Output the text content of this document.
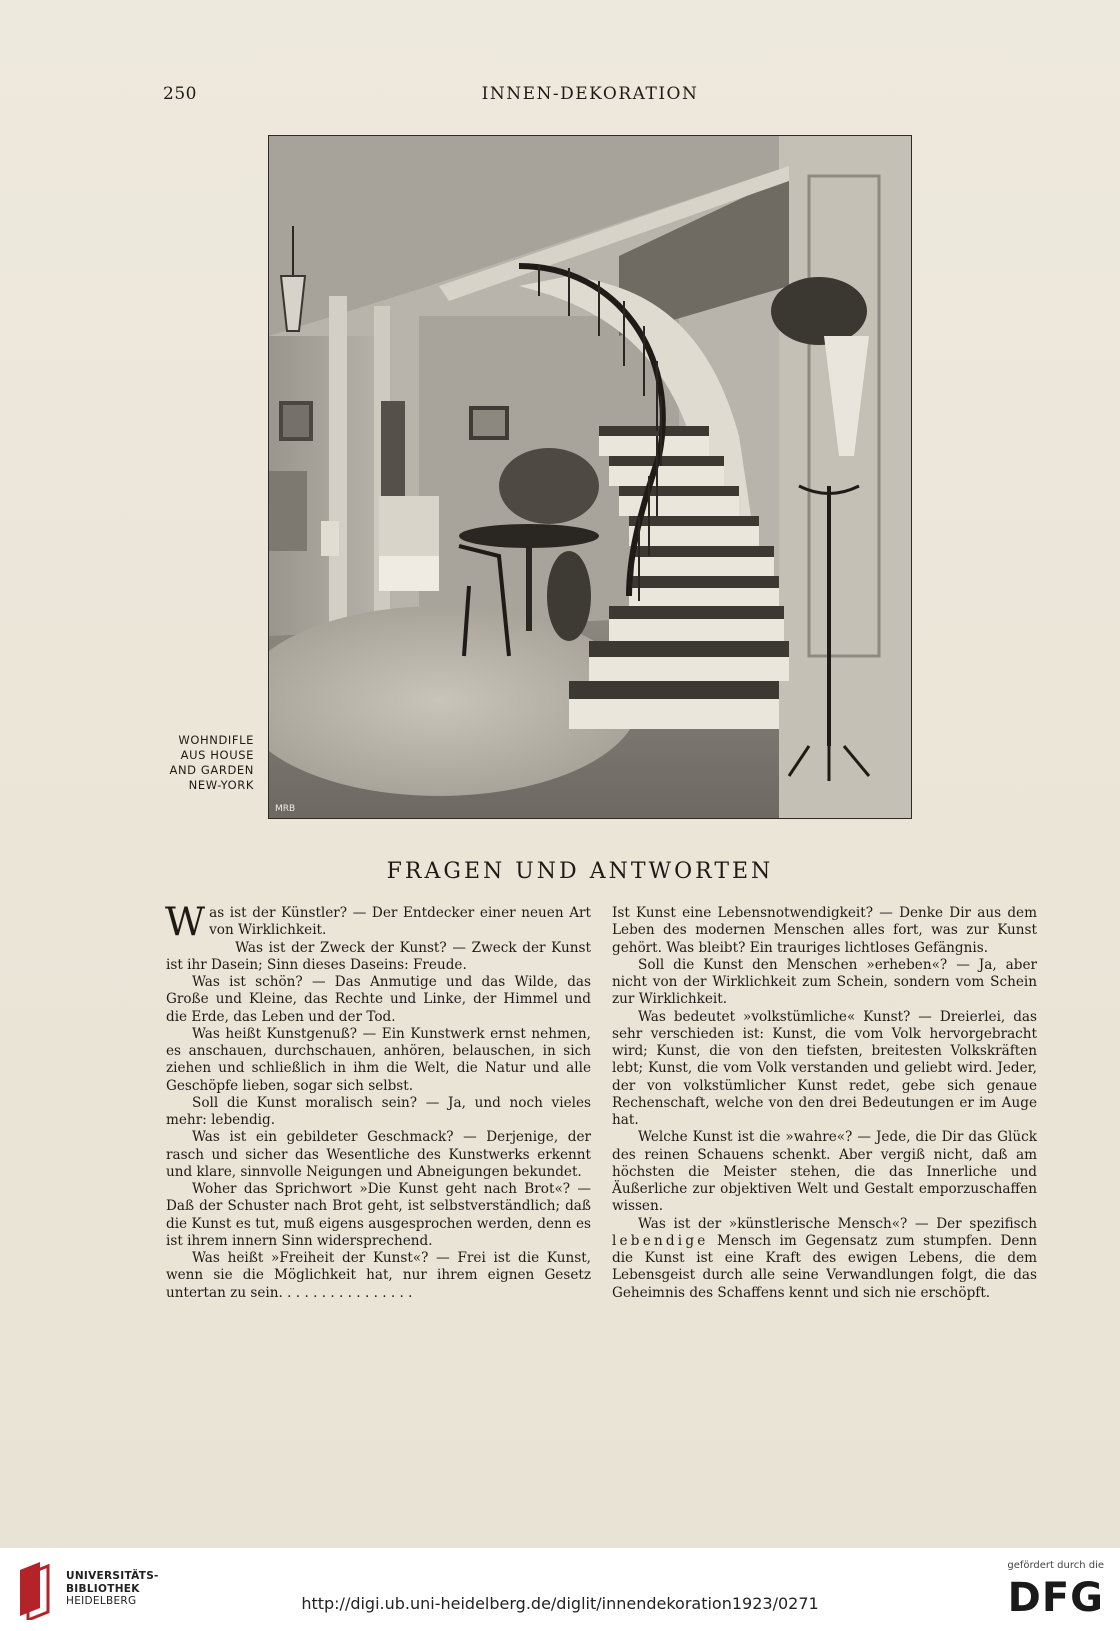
250	INNEN-DEKORATION
MRB
WOHNDIFLE
AUS HOUSE
AND GARDEN
NEW-YORK
FRAGEN UND ANTWORTEN

Was ist der Künstler? — Der Entdecker einer neuen Art von Wirklichkeit.

Was ist der Zweck der Kunst? — Zweck der Kunst ist ihr Dasein; Sinn dieses Daseins: Freude.

Was ist schön? — Das Anmutige und das Wilde, das Große und Kleine, das Rechte und Linke, der Himmel und die Erde, das Leben und der Tod.

Was heißt Kunstgenuß? — Ein Kunstwerk ernst nehmen, es anschauen, durchschauen, anhören, belauschen, in sich ziehen und schließlich in ihm die Welt, die Natur und alle Geschöpfe lieben, sogar sich selbst.

Soll die Kunst moralisch sein? — Ja, und noch vieles mehr: lebendig.

Was ist ein gebildeter Geschmack? — Derjenige, der rasch und sicher das Wesentliche des Kunstwerks erkennt und klare, sinnvolle Neigungen und Abneigungen bekundet.

Woher das Sprichwort »Die Kunst geht nach Brot«? — Daß der Schuster nach Brot geht, ist selbstverständlich; daß die Kunst es tut, muß eigens ausgesprochen werden, denn es ist ihrem innern Sinn widersprechend.

Was heißt »Freiheit der Kunst«? — Frei ist die Kunst, wenn sie die Möglichkeit hat, nur ihrem eignen Gesetz untertan zu sein. . . . . . . . . . . . . . . .

Ist Kunst eine Lebensnotwendigkeit? — Denke Dir aus dem Leben des modernen Menschen alles fort, was zur Kunst gehört. Was bleibt? Ein trauriges lichtloses Gefängnis.

Soll die Kunst den Menschen »erheben«? — Ja, aber nicht von der Wirklichkeit zum Schein, sondern vom Schein zur Wirklichkeit.

Was bedeutet »volkstümliche« Kunst? — Dreierlei, das sehr verschieden ist: Kunst, die vom Volk hervorgebracht wird; Kunst, die von den tiefsten, breitesten Volkskräften lebt; Kunst, die vom Volk verstanden und geliebt wird. Jeder, der von volkstümlicher Kunst redet, gebe sich genaue Rechenschaft, welche von den drei Bedeutungen er im Auge hat.

Welche Kunst ist die »wahre«? — Jede, die Dir das Glück des reinen Schauens schenkt. Aber vergiß nicht, daß am höchsten die Meister stehen, die das Innerliche und Äußerliche zur objektiven Welt und Gestalt emporzuschaffen wissen.

Was ist der »künstlerische Mensch«? — Der spezifisch lebendige Mensch im Gegensatz zum stumpfen. Denn die Kunst ist eine Kraft des ewigen Lebens, die dem Lebensgeist durch alle seine Verwandlungen folgt, die das Geheimnis des Schaffens kennt und sich nie erschöpft.

UNIVERSITÄTS-
BIBLIOTHEK
HEIDELBERG	http://digi.ub.uni-heidelberg.de/diglit/innendekoration1923/0271
gefördert durch die
DFG
